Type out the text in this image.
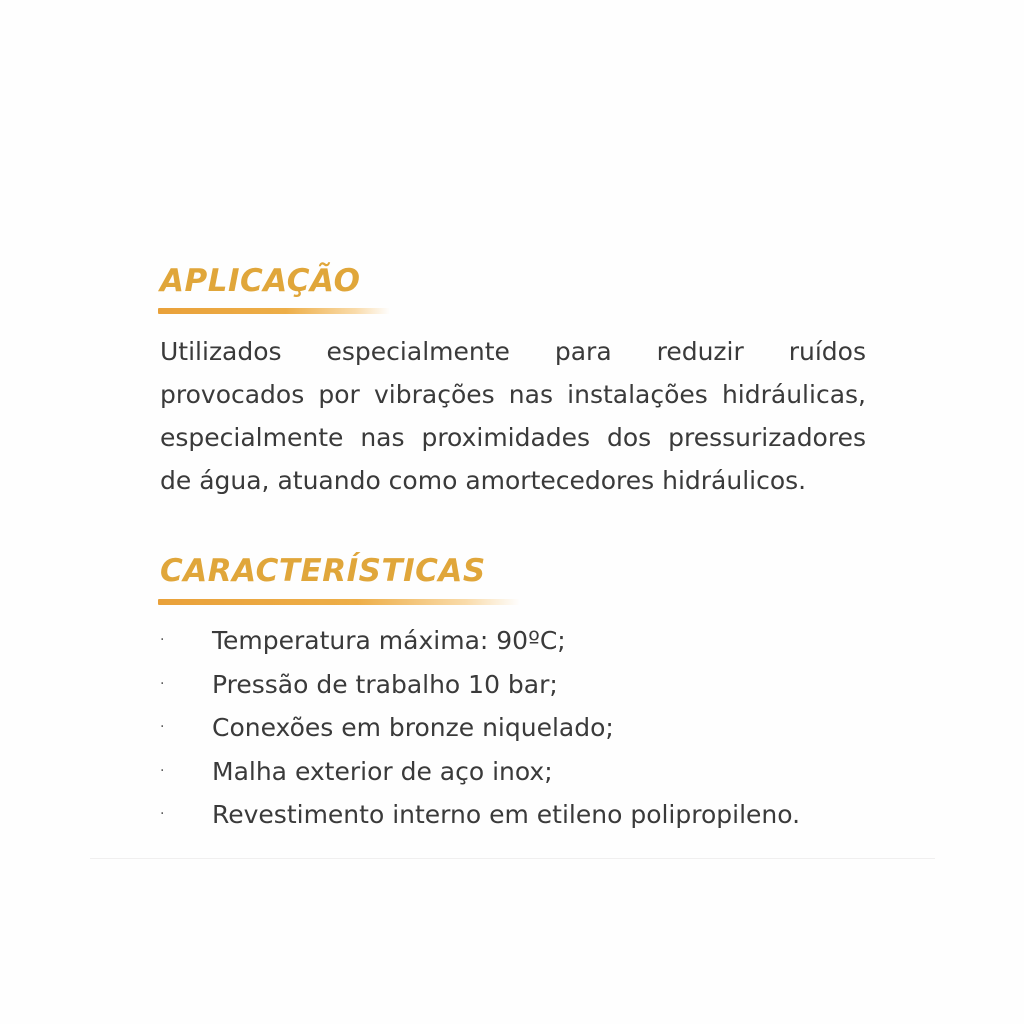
APLICAÇÃO

Utilizados especialmente para reduzir ruídos provocados por vibrações nas instalações hidráulicas, especialmente nas proximidades dos pressurizadores de água, atuando como amortecedores hidráulicos.

CARACTERÍSTICAS
· Temperatura máxima: 90ºC;
· Pressão de trabalho 10 bar;
· Conexões em bronze niquelado;
· Malha exterior de aço inox;
· Revestimento interno em etileno polipropileno.
